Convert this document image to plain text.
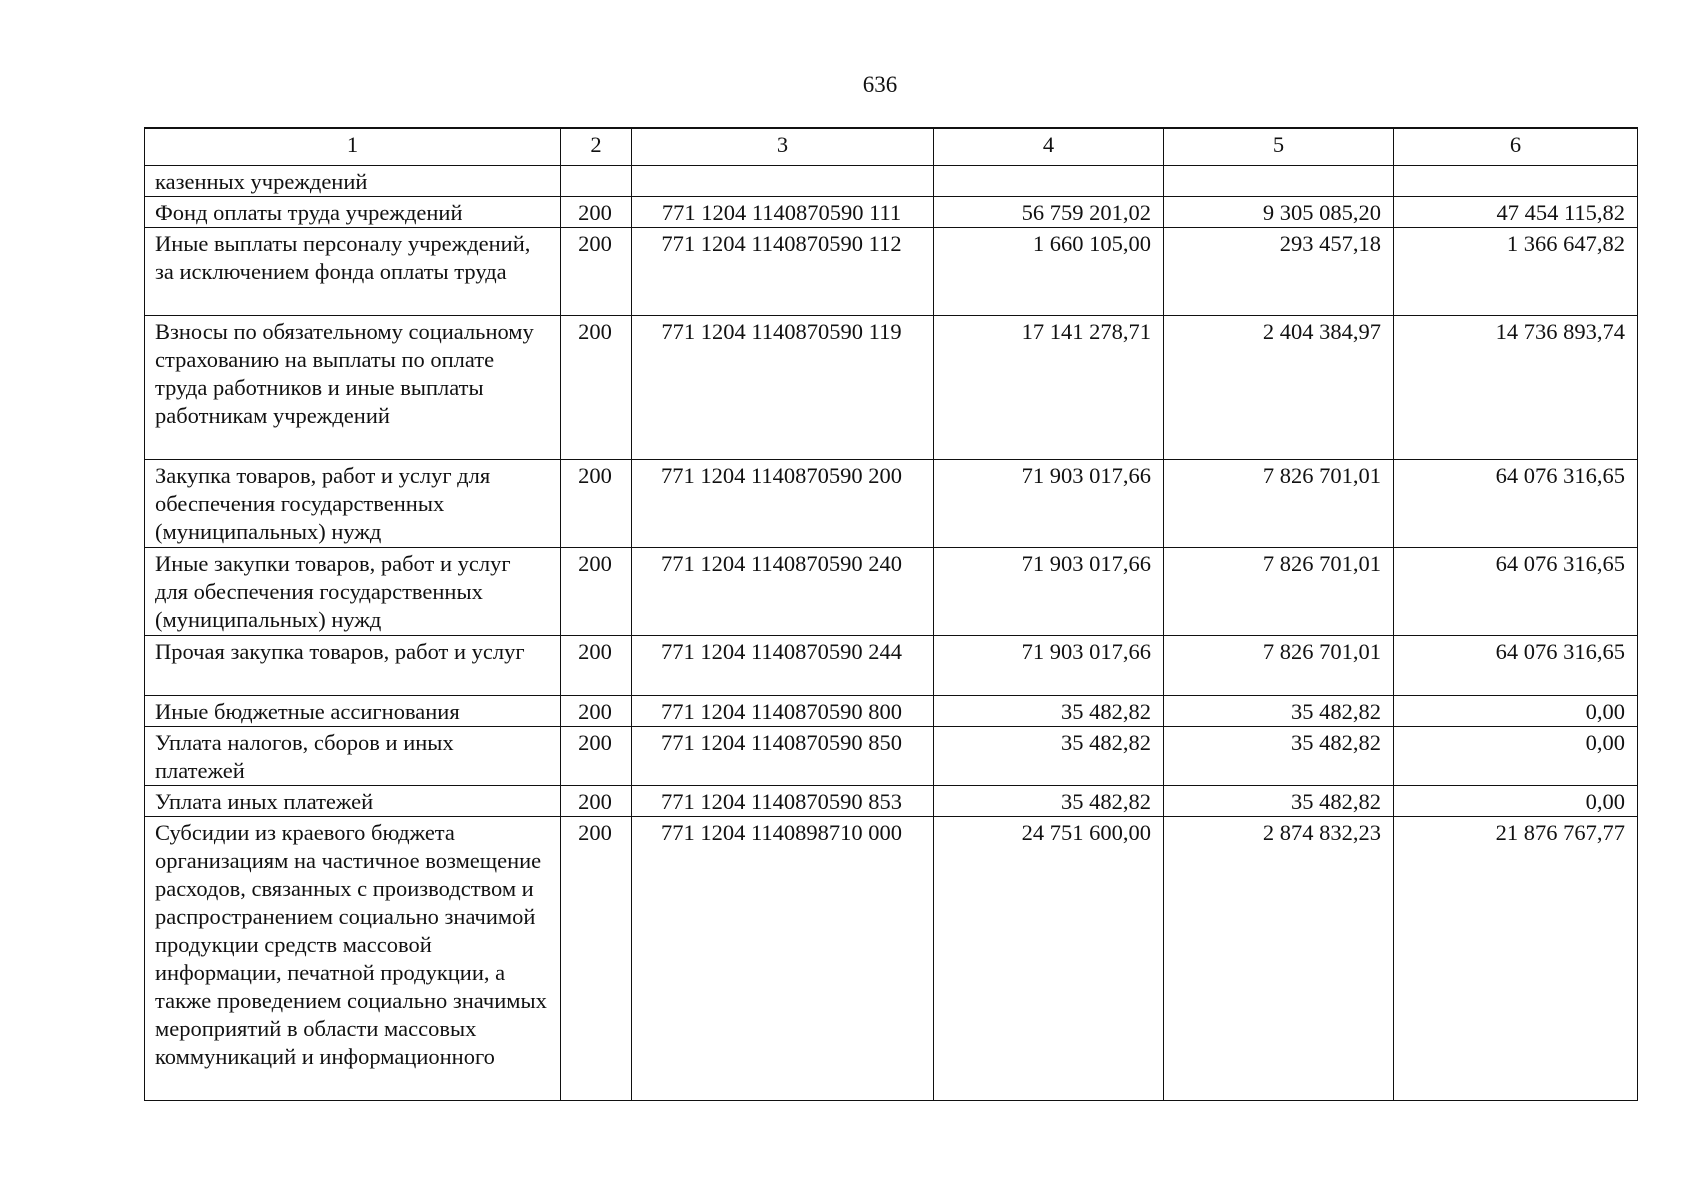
636
1	2	3	4	5	6
казенных учреждений					
Фонд оплаты труда учреждений	200	771 1204 1140870590 111	56 759 201,02	9 305 085,20	47 454 115,82
Иные выплаты персоналу учреждений, за исключением фонда оплаты труда	200	771 1204 1140870590 112	1 660 105,00	293 457,18	1 366 647,82
Взносы по обязательному социальному страхованию на выплаты по оплате труда работников и иные выплаты работникам учреждений	200	771 1204 1140870590 119	17 141 278,71	2 404 384,97	14 736 893,74
Закупка товаров, работ и услуг для обеспечения государственных (муниципальных) нужд	200	771 1204 1140870590 200	71 903 017,66	7 826 701,01	64 076 316,65
Иные закупки товаров, работ и услуг для обеспечения государственных (муниципальных) нужд	200	771 1204 1140870590 240	71 903 017,66	7 826 701,01	64 076 316,65
Прочая закупка товаров, работ и услуг	200	771 1204 1140870590 244	71 903 017,66	7 826 701,01	64 076 316,65
Иные бюджетные ассигнования	200	771 1204 1140870590 800	35 482,82	35 482,82	0,00
Уплата налогов, сборов и иных платежей	200	771 1204 1140870590 850	35 482,82	35 482,82	0,00
Уплата иных платежей	200	771 1204 1140870590 853	35 482,82	35 482,82	0,00
Субсидии из краевого бюджета организациям на частичное возмещение расходов, связанных с производством и распространением социально значимой продукции средств массовой информации, печатной продукции, а также проведением социально значимых мероприятий в области массовых коммуникаций и информационного	200	771 1204 1140898710 000	24 751 600,00	2 874 832,23	21 876 767,77
